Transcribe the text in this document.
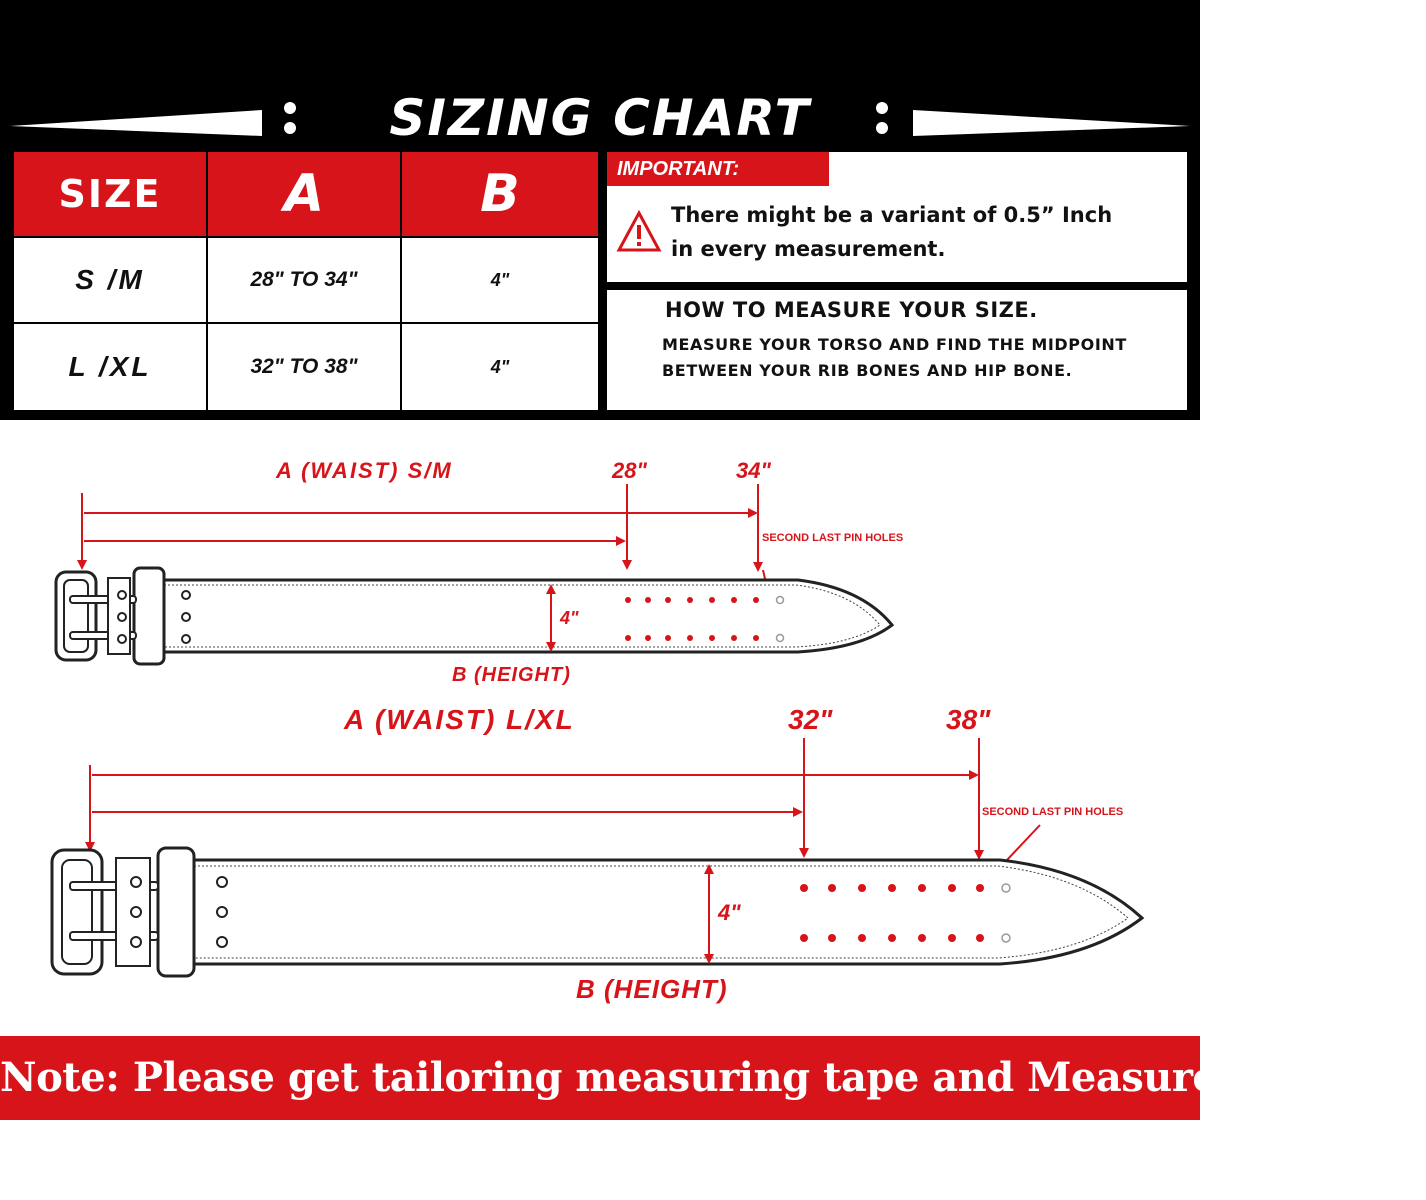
SIZING CHART
SIZE	A	B
S /M	28" TO 34"	4"
L /XL	32" TO 38"	4"
IMPORTANT:
There might be a variant of 0.5” Inch
in every measurement.
HOW TO MEASURE YOUR SIZE.
MEASURE YOUR TORSO AND FIND THE MIDPOINT
BETWEEN YOUR RIB BONES AND HIP BONE.
A (WAIST) S/M	28"	34"
SECOND LAST PIN HOLES
4"
B (HEIGHT)
A (WAIST) L/XL	32"	38"
SECOND LAST PIN HOLES
4"
B (HEIGHT)
Note: Please get tailoring measuring tape and Measure your size
